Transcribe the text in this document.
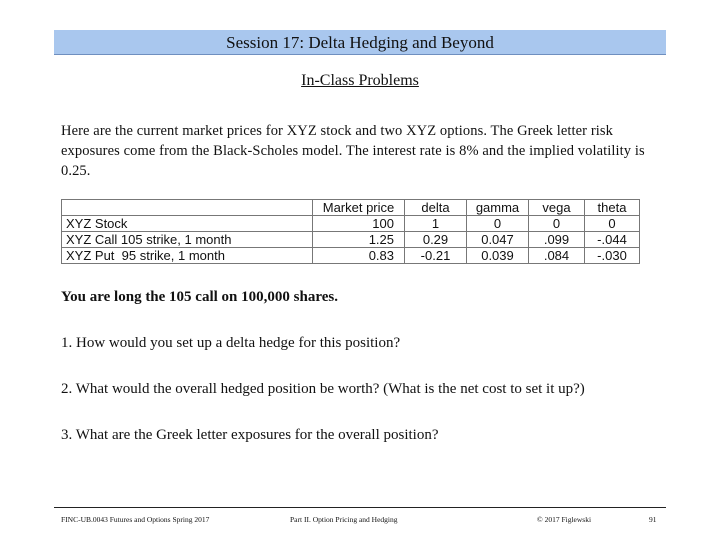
Session 17: Delta Hedging and Beyond
In-Class Problems
Here are the current market prices for XYZ stock and two XYZ options. The Greek letter risk exposures come from the Black-Scholes model. The interest rate is 8% and the implied volatility is 0.25.
	Market price	delta	gamma	vega	theta
XYZ Stock	100	1	0	0	0
XYZ Call 105 strike, 1 month	1.25	0.29	0.047	.099	-.044
XYZ Put  95 strike, 1 month	0.83	-0.21	0.039	.084	-.030
You are long the 105 call on 100,000 shares.
1. How would you set up a delta hedge for this position?
2. What would the overall hedged position be worth? (What is the net cost to set it up?)
3. What are the Greek letter exposures for the overall position?
FINC-UB.0043 Futures and Options Spring 2017	Part II. Option Pricing and Hedging	© 2017 Figlewski	91
